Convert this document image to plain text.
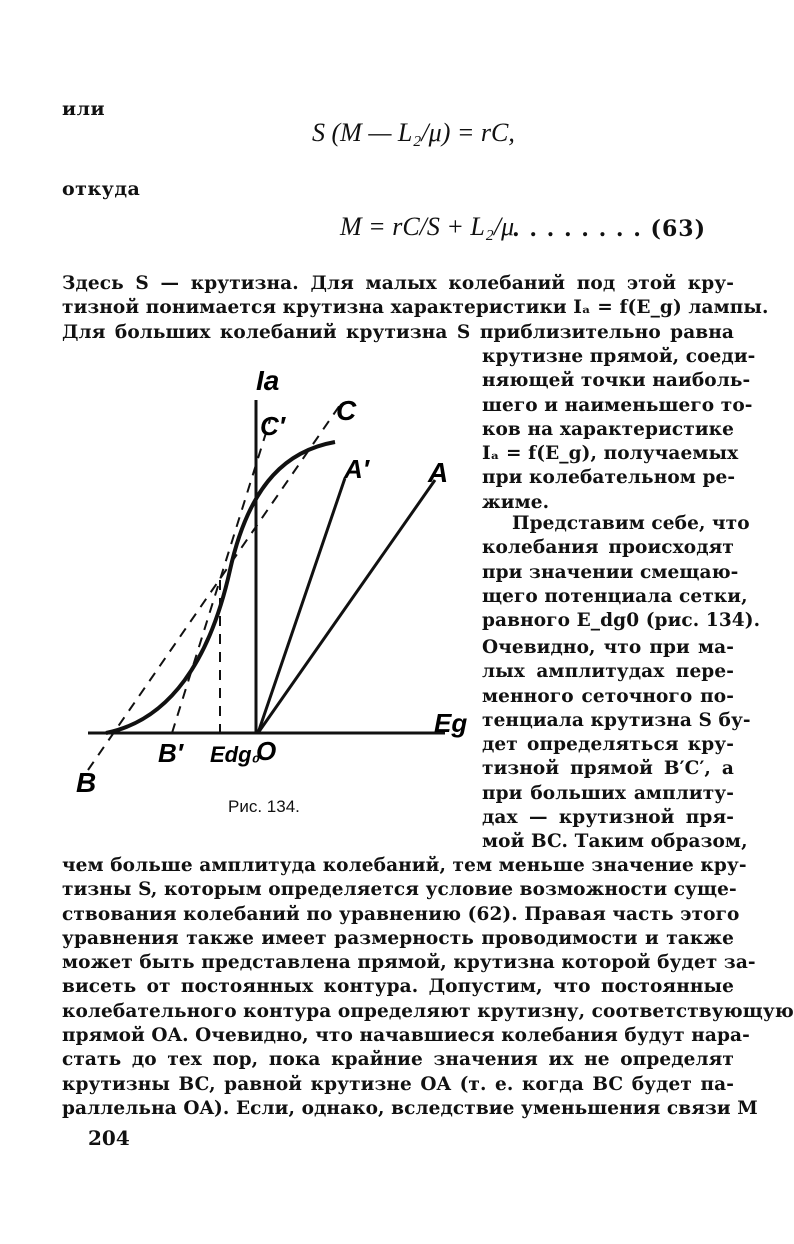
или
S (M — L₂/μ) = rC,
откуда
M = rC/S + L₂/μ
. . . . . . . . (63)
Здесь S — крутизна. Для малых колебаний под этой кру-
тизной понимается крутизна характеристики Iₐ = f(E_g) лампы.
Для больших колебаний крутизна S приблизительно равна
крутизне прямой, соеди-
няющей точки наиболь-
шего и наименьшего то-
ков на характеристике
Iₐ = f(E_g), получаемых
при колебательном ре-
жиме.
Представим себе, что
колебания происходят
при значении смещаю-
щего потенциала сетки,
равного E_dg0 (рис. 134).
Очевидно, что при ма-
лых амплитудах пере-
менного сеточного по-
тенциала крутизна S бу-
дет определяться кру-
тизной прямой B′C′, а
при больших амплиту-
дах — крутизной пря-
мой BC. Таким образом,
Iа
Eg
C
C′
A
A′
B
B′ Edg₀
O
Рис. 134.
чем больше амплитуда колебаний, тем меньше значение кру-
тизны S, которым определяется условие возможности суще-
ствования колебаний по уравнению (62). Правая часть этого
уравнения также имеет размерность проводимости и также
может быть представлена прямой, крутизна которой будет за-
висеть от постоянных контура. Допустим, что постоянные
колебательного контура определяют крутизну, соответствующую
прямой OA. Очевидно, что начавшиеся колебания будут нара-
стать до тех пор, пока крайние значения их не определят
крутизны BC, равной крутизне OA (т. е. когда BC будет па-
раллельна OA). Если, однако, вследствие уменьшения связи M
204
